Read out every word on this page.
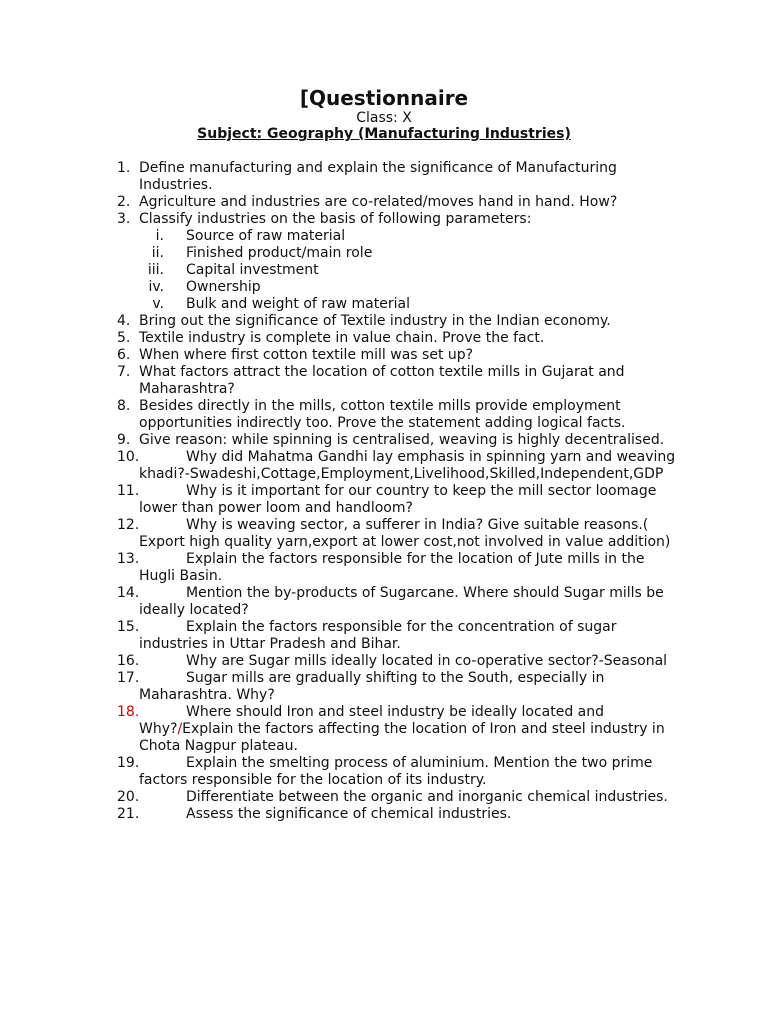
[Questionnaire
Class: X
Subject: Geography (Manufacturing Industries)
1. Define manufacturing and explain the significance of Manufacturing Industries.
2. Agriculture and industries are co-related/moves hand in hand. How?
3. Classify industries on the basis of following parameters:
i. Source of raw material
ii. Finished product/main role
iii. Capital investment
iv. Ownership
v. Bulk and weight of raw material
4. Bring out the significance of Textile industry in the Indian economy.
5. Textile industry is complete in value chain. Prove the fact.
6. When where first cotton textile mill was set up?
7. What factors attract the location of cotton textile mills in Gujarat and Maharashtra?
8. Besides directly in the mills, cotton textile mills provide employment opportunities indirectly too. Prove the statement adding logical facts.
9. Give reason: while spinning is centralised, weaving is highly decentralised.
10.	Why did Mahatma Gandhi lay emphasis in spinning yarn and weaving khadi?-Swadeshi,Cottage,Employment,Livelihood,Skilled,Independent,GDP
11.	Why is it important for our country to keep the mill sector loomage lower than power loom and handloom?
12.	Why is weaving sector, a sufferer in India? Give suitable reasons.( Export high quality yarn,export at lower cost,not involved in value addition)
13.	Explain the factors responsible for the location of Jute mills in the Hugli Basin.
14.	Mention the by-products of Sugarcane. Where should Sugar mills be ideally located?
15.	Explain the factors responsible for the concentration of sugar industries in Uttar Pradesh and Bihar.
16.	Why are Sugar mills ideally located in co-operative sector?-Seasonal
17.	Sugar mills are gradually shifting to the South, especially in Maharashtra. Why?
18.	Where should Iron and steel industry be ideally located and Why?/Explain the factors affecting the location of Iron and steel industry in Chota Nagpur plateau.
19.	Explain the smelting process of aluminium. Mention the two prime factors responsible for the location of its industry.
20.	Differentiate between the organic and inorganic chemical industries.
21.	Assess the significance of chemical industries.
